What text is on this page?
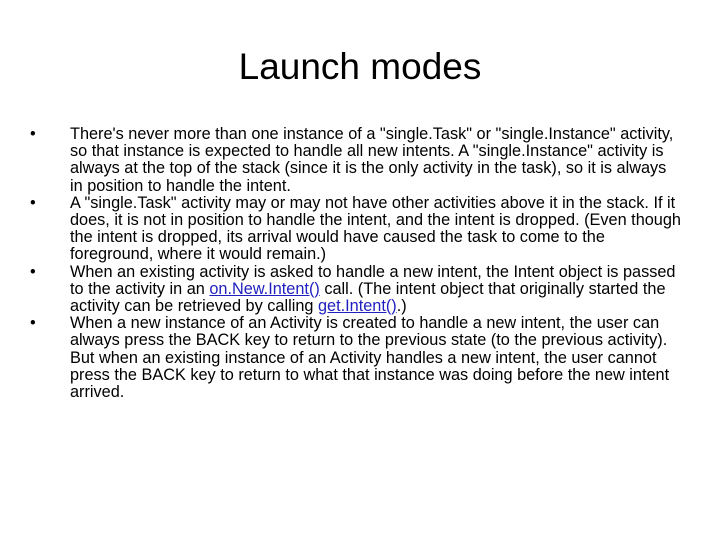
Launch modes
•	There's never more than one instance of a "single.Task" or "single.Instance" activity, so that instance is expected to handle all new intents. A "single.Instance" activity is always at the top of the stack (since it is the only activity in the task), so it is always in position to handle the intent.
•	A "single.Task" activity may or may not have other activities above it in the stack. If it does, it is not in position to handle the intent, and the intent is dropped. (Even though the intent is dropped, its arrival would have caused the task to come to the foreground, where it would remain.)
•	When an existing activity is asked to handle a new intent, the Intent object is passed to the activity in an on.New.Intent() call. (The intent object that originally started the activity can be retrieved by calling get.Intent().)
•	When a new instance of an Activity is created to handle a new intent, the user can always press the BACK key to return to the previous state (to the previous activity). But when an existing instance of an Activity handles a new intent, the user cannot press the BACK key to return to what that instance was doing before the new intent arrived.
